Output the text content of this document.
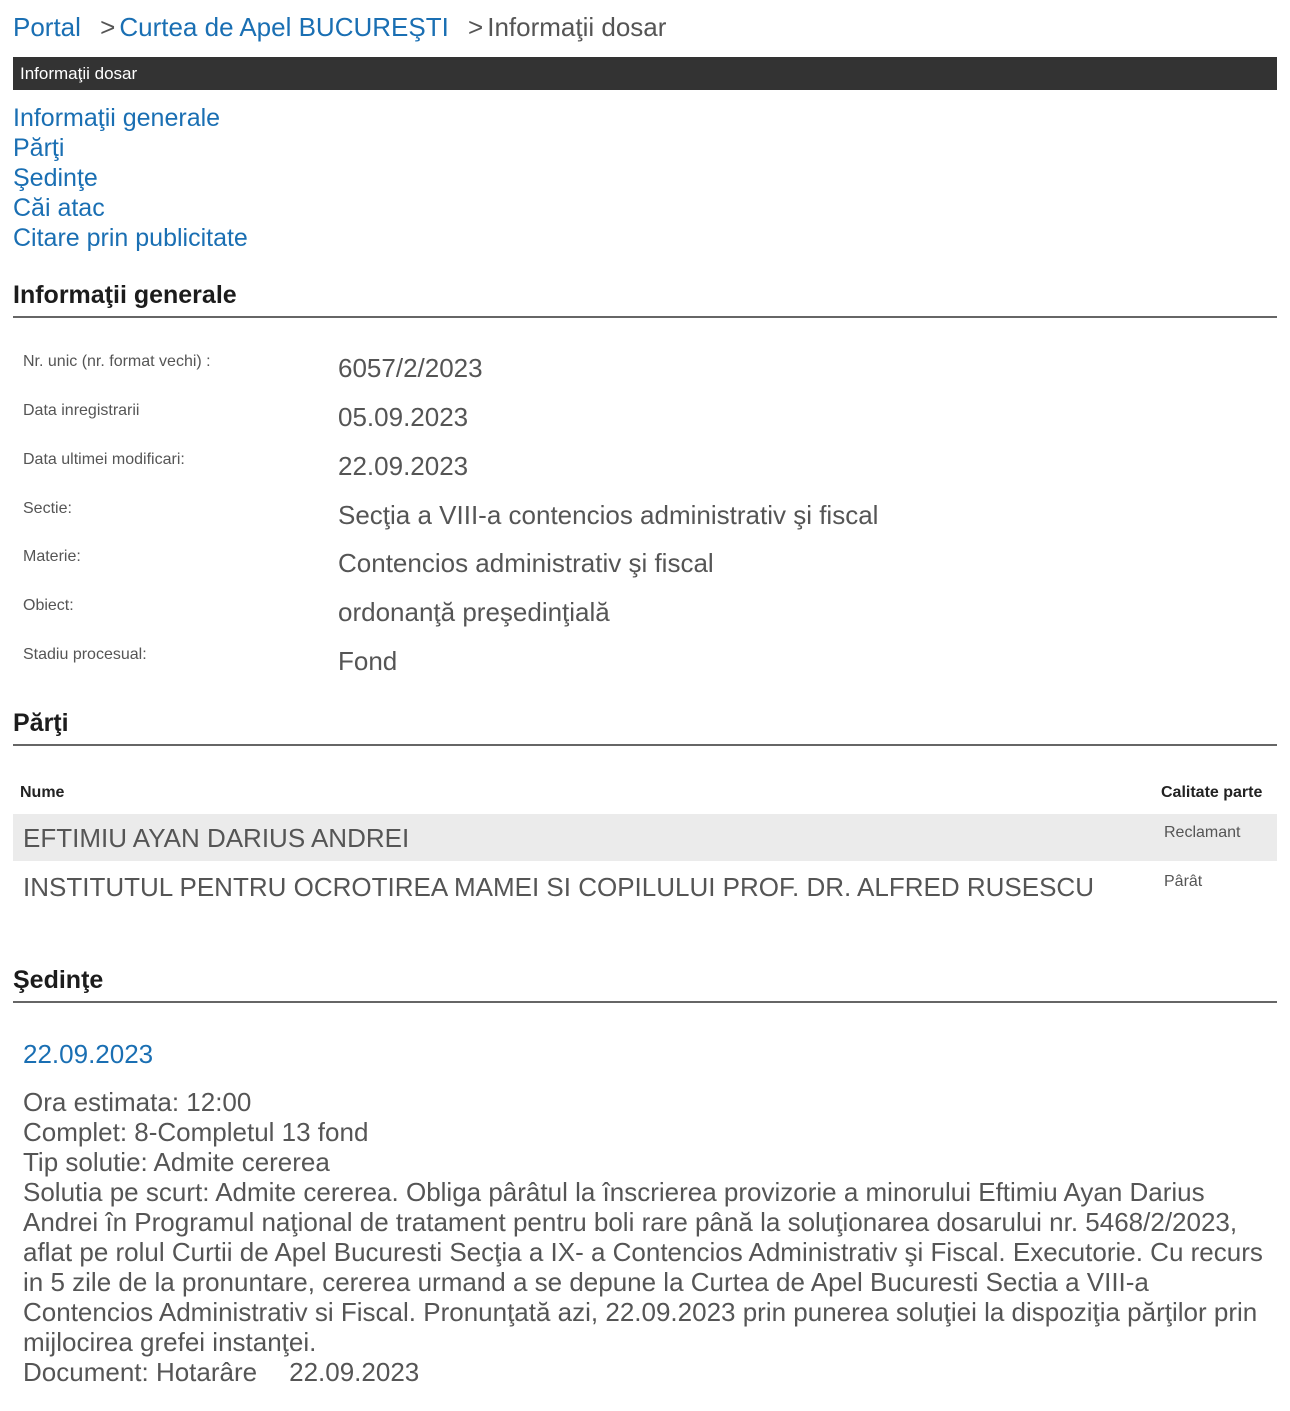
Portal > Curtea de Apel BUCUREŞTI > Informaţii dosar
Informaţii dosar
Informaţii generale
Părţi
Şedinţe
Căi atac
Citare prin publicitate
Informaţii generale
Nr. unic (nr. format vechi) :	6057/2/2023
Data inregistrarii	05.09.2023
Data ultimei modificari:	22.09.2023
Sectie:	Secţia a VIII-a contencios administrativ şi fiscal
Materie:	Contencios administrativ şi fiscal
Obiect:	ordonanţă preşedinţială
Stadiu procesual:	Fond
Părţi
Nume	Calitate parte
EFTIMIU AYAN DARIUS ANDREI	Reclamant
INSTITUTUL PENTRU OCROTIREA MAMEI SI COPILULUI PROF. DR. ALFRED RUSESCU	Pârât
Şedinţe
22.09.2023
Ora estimata: 12:00
Complet: 8-Completul 13 fond
Tip solutie: Admite cererea
Solutia pe scurt: Admite cererea. Obliga pârâtul la înscrierea provizorie a minorului Eftimiu Ayan Darius Andrei în Programul naţional de tratament pentru boli rare până la soluţionarea dosarului nr. 5468/2/2023, aflat pe rolul Curtii de Apel Bucuresti Secţia a IX- a Contencios Administrativ şi Fiscal. Executorie. Cu recurs in 5 zile de la pronuntare, cererea urmand a se depune la Curtea de Apel Bucuresti Sectia a VIII-a Contencios Administrativ si Fiscal. Pronunţată azi, 22.09.2023 prin punerea soluţiei la dispoziţia părţilor prin mijlocirea grefei instanţei.
Document: Hotarâre 22.09.2023
